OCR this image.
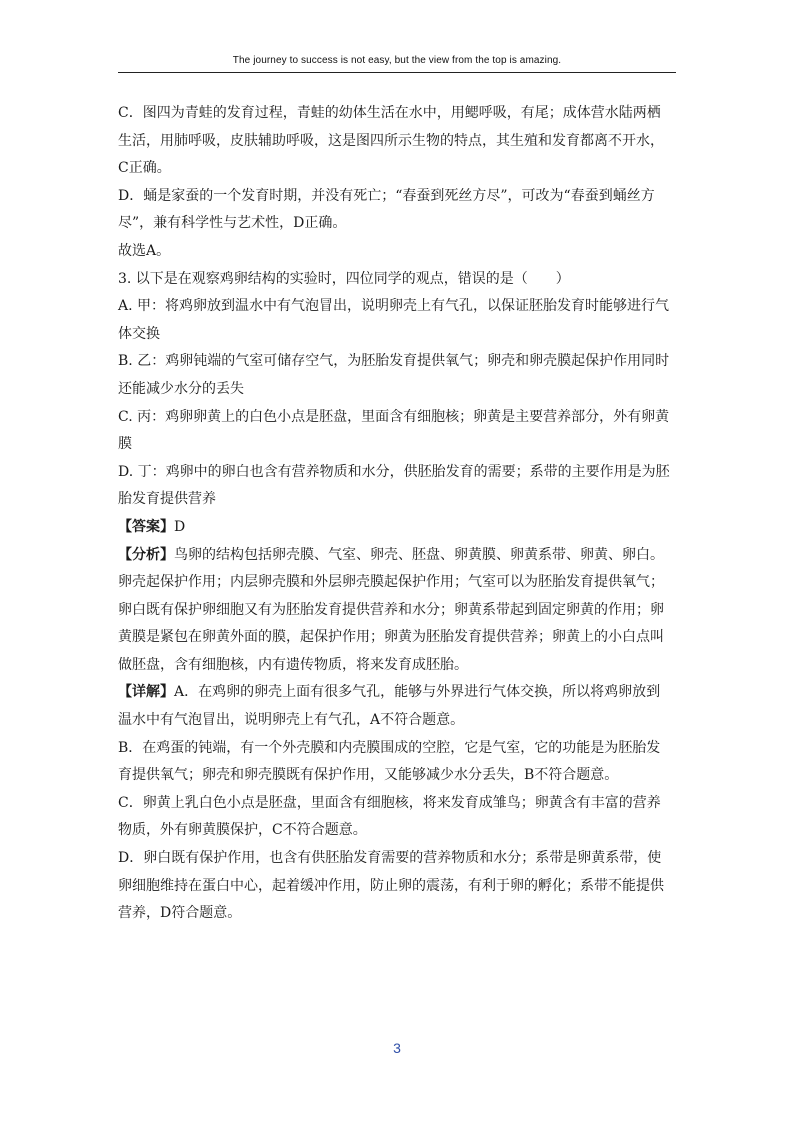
The journey to success is not easy, but the view from the top is amazing.

C．图四为青蛙的发育过程，青蛙的幼体生活在水中，用鳃呼吸，有尾；成体营水陆两栖

生活，用肺呼吸，皮肤辅助呼吸，这是图四所示生物的特点，其生殖和发育都离不开水，

C正确。

D．蛹是家蚕的一个发育时期，并没有死亡；“春蚕到死丝方尽”，可改为“春蚕到蛹丝方

尽”，兼有科学性与艺术性，D正确。

故选A。

3. 以下是在观察鸡卵结构的实验时，四位同学的观点，错误的是（　　）

A. 甲：将鸡卵放到温水中有气泡冒出，说明卵壳上有气孔，以保证胚胎发育时能够进行气

体交换

B. 乙：鸡卵钝端的气室可储存空气，为胚胎发育提供氧气；卵壳和卵壳膜起保护作用同时

还能减少水分的丢失

C. 丙：鸡卵卵黄上的白色小点是胚盘，里面含有细胞核；卵黄是主要营养部分，外有卵黄

膜

D. 丁：鸡卵中的卵白也含有营养物质和水分，供胚胎发育的需要；系带的主要作用是为胚

胎发育提供营养

【答案】D

【分析】鸟卵的结构包括卵壳膜、气室、卵壳、胚盘、卵黄膜、卵黄系带、卵黄、卵白。

卵壳起保护作用；内层卵壳膜和外层卵壳膜起保护作用；气室可以为胚胎发育提供氧气；

卵白既有保护卵细胞又有为胚胎发育提供营养和水分；卵黄系带起到固定卵黄的作用；卵

黄膜是紧包在卵黄外面的膜，起保护作用；卵黄为胚胎发育提供营养；卵黄上的小白点叫

做胚盘，含有细胞核，内有遗传物质，将来发育成胚胎。

【详解】A．在鸡卵的卵壳上面有很多气孔，能够与外界进行气体交换，所以将鸡卵放到

温水中有气泡冒出，说明卵壳上有气孔，A不符合题意。

B．在鸡蛋的钝端，有一个外壳膜和内壳膜围成的空腔，它是气室，它的功能是为胚胎发

育提供氧气；卵壳和卵壳膜既有保护作用，又能够减少水分丢失，B不符合题意。

C．卵黄上乳白色小点是胚盘，里面含有细胞核，将来发育成雏鸟；卵黄含有丰富的营养

物质，外有卵黄膜保护，C不符合题意。

D．卵白既有保护作用，也含有供胚胎发育需要的营养物质和水分；系带是卵黄系带，使

卵细胞维持在蛋白中心，起着缓冲作用，防止卵的震荡，有利于卵的孵化；系带不能提供

营养，D符合题意。

3
